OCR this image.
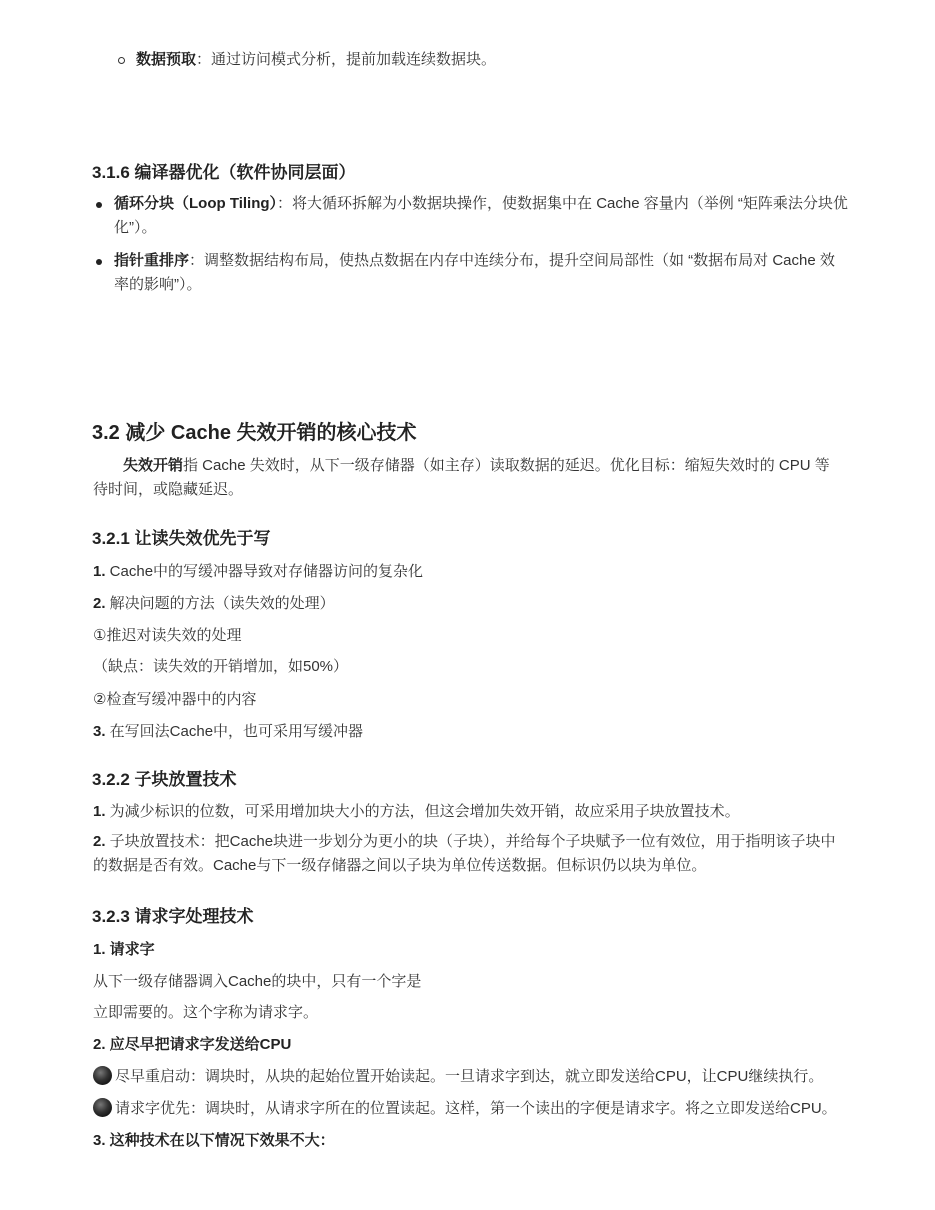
数据预取：通过访问模式分析，提前加载连续数据块。
3.1.6 编译器优化（软件协同层面）
循环分块（Loop Tiling）：将大循环拆解为小数据块操作，使数据集中在 Cache 容量内（举例 “矩阵乘法分块优化”）。
指针重排序：调整数据结构布局，使热点数据在内存中连续分布，提升空间局部性（如 “数据布局对 Cache 效率的影响”）。
3.2 减少 Cache 失效开销的核心技术
失效开销指 Cache 失效时，从下一级存储器（如主存）读取数据的延迟。优化目标：缩短失效时的 CPU 等待时间，或隐藏延迟。
3.2.1 让读失效优先于写
1. Cache中的写缓冲器导致对存储器访问的复杂化
2. 解决问题的方法（读失效的处理）
①推迟对读失效的处理
（缺点：读失效的开销增加，如50%）
②检查写缓冲器中的内容
3. 在写回法Cache中，也可采用写缓冲器
3.2.2 子块放置技术
1. 为减少标识的位数，可采用增加块大小的方法，但这会增加失效开销，故应采用子块放置技术。
2. 子块放置技术：把Cache块进一步划分为更小的块（子块），并给每个子块赋予一位有效位，用于指明该子块中的数据是否有效。Cache与下一级存储器之间以子块为单位传送数据。但标识仍以块为单位。
3.2.3 请求字处理技术
1. 请求字
从下一级存储器调入Cache的块中，只有一个字是
立即需要的。这个字称为请求字。
2. 应尽早把请求字发送给CPU
尽早重启动：调块时，从块的起始位置开始读起。一旦请求字到达，就立即发送给CPU，让CPU继续执行。
请求字优先：调块时，从请求字所在的位置读起。这样，第一个读出的字便是请求字。将之立即发送给CPU。
3. 这种技术在以下情况下效果不大：
